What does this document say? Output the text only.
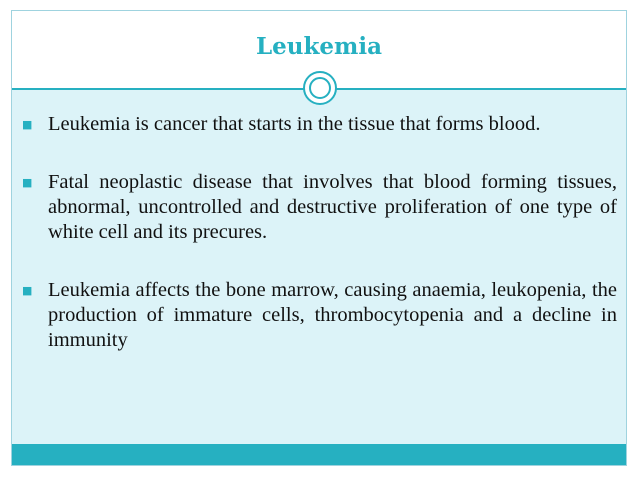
Leukemia
■ Leukemia is cancer that starts in the tissue that forms blood.
■ Fatal neoplastic disease that involves that blood forming tissues, abnormal, uncontrolled and destructive proliferation of one type of white cell and its precures.
■ Leukemia affects the bone marrow, causing anaemia, leukopenia, the production of immature cells, thrombocytopenia and a decline in immunity
